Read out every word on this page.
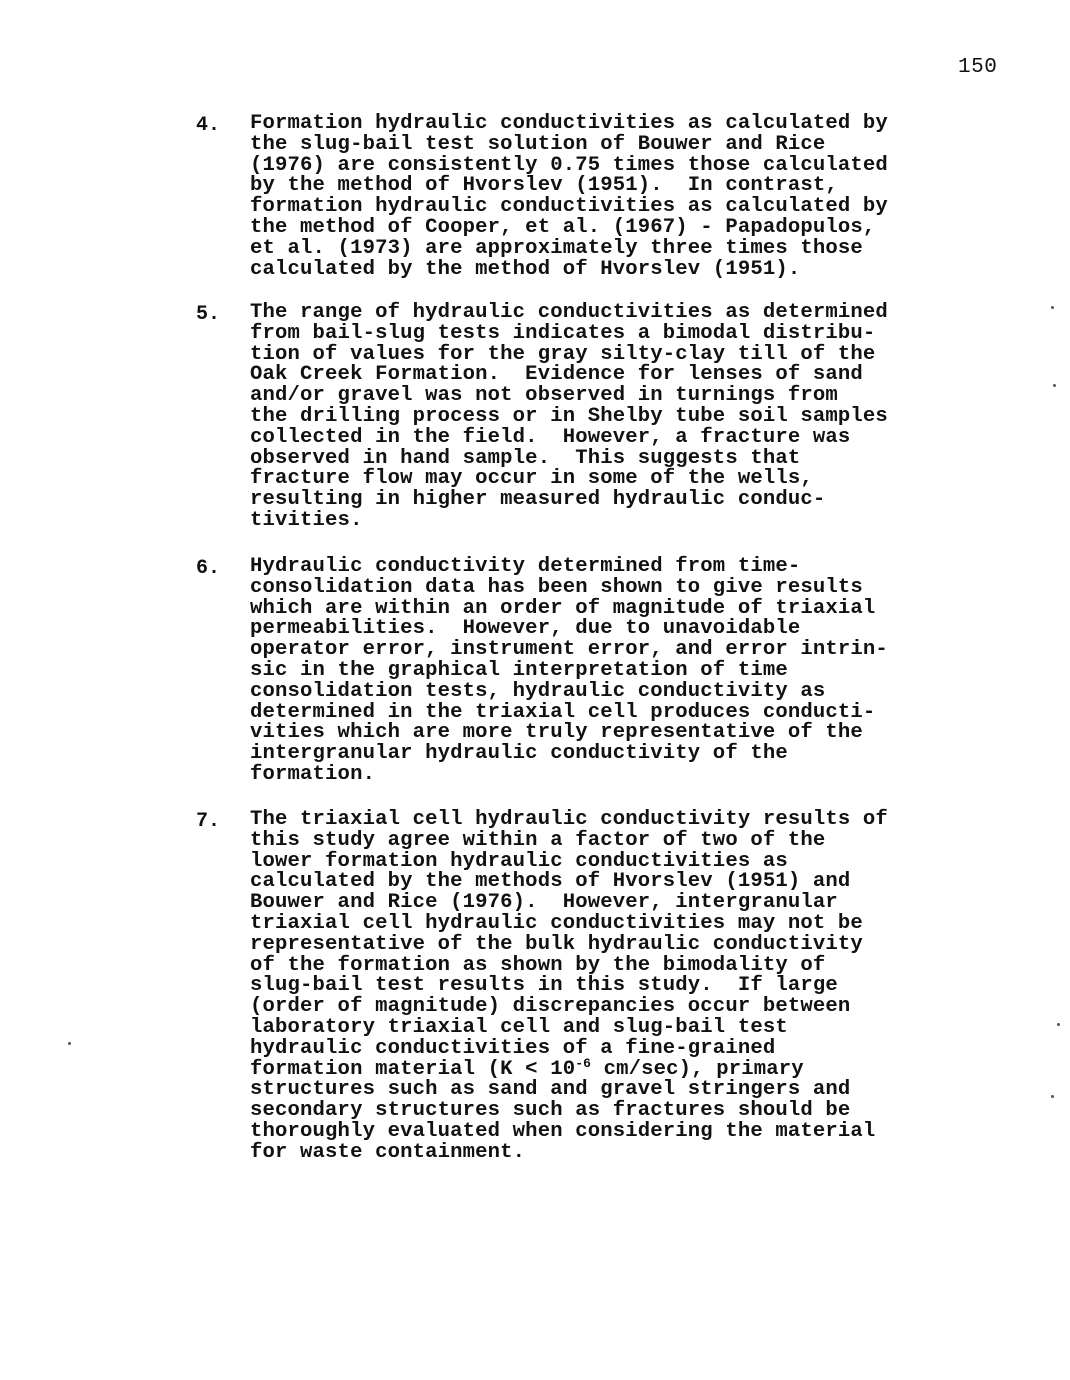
150
4. Formation hydraulic conductivities as calculated by
the slug-bail test solution of Bouwer and Rice
(1976) are consistently 0.75 times those calculated
by the method of Hvorslev (1951).  In contrast,
formation hydraulic conductivities as calculated by
the method of Cooper, et al. (1967) - Papadopulos,
et al. (1973) are approximately three times those
calculated by the method of Hvorslev (1951).
5. The range of hydraulic conductivities as determined
from bail-slug tests indicates a bimodal distribu-
tion of values for the gray silty-clay till of the
Oak Creek Formation.  Evidence for lenses of sand
and/or gravel was not observed in turnings from
the drilling process or in Shelby tube soil samples
collected in the field.  However, a fracture was
observed in hand sample.  This suggests that
fracture flow may occur in some of the wells,
resulting in higher measured hydraulic conduc-
tivities.
6. Hydraulic conductivity determined from time-
consolidation data has been shown to give results
which are within an order of magnitude of triaxial
permeabilities.  However, due to unavoidable
operator error, instrument error, and error intrin-
sic in the graphical interpretation of time
consolidation tests, hydraulic conductivity as
determined in the triaxial cell produces conducti-
vities which are more truly representative of the
intergranular hydraulic conductivity of the
formation.
7. The triaxial cell hydraulic conductivity results of
this study agree within a factor of two of the
lower formation hydraulic conductivities as
calculated by the methods of Hvorslev (1951) and
Bouwer and Rice (1976).  However, intergranular
triaxial cell hydraulic conductivities may not be
representative of the bulk hydraulic conductivity
of the formation as shown by the bimodality of
slug-bail test results in this study.  If large
(order of magnitude) discrepancies occur between
laboratory triaxial cell and slug-bail test
hydraulic conductivities of a fine-grained
formation material ($K < 10^{-6}$ cm/sec), primary
structures such as sand and gravel stringers and
secondary structures such as fractures should be
thoroughly evaluated when considering the material
for waste containment.
